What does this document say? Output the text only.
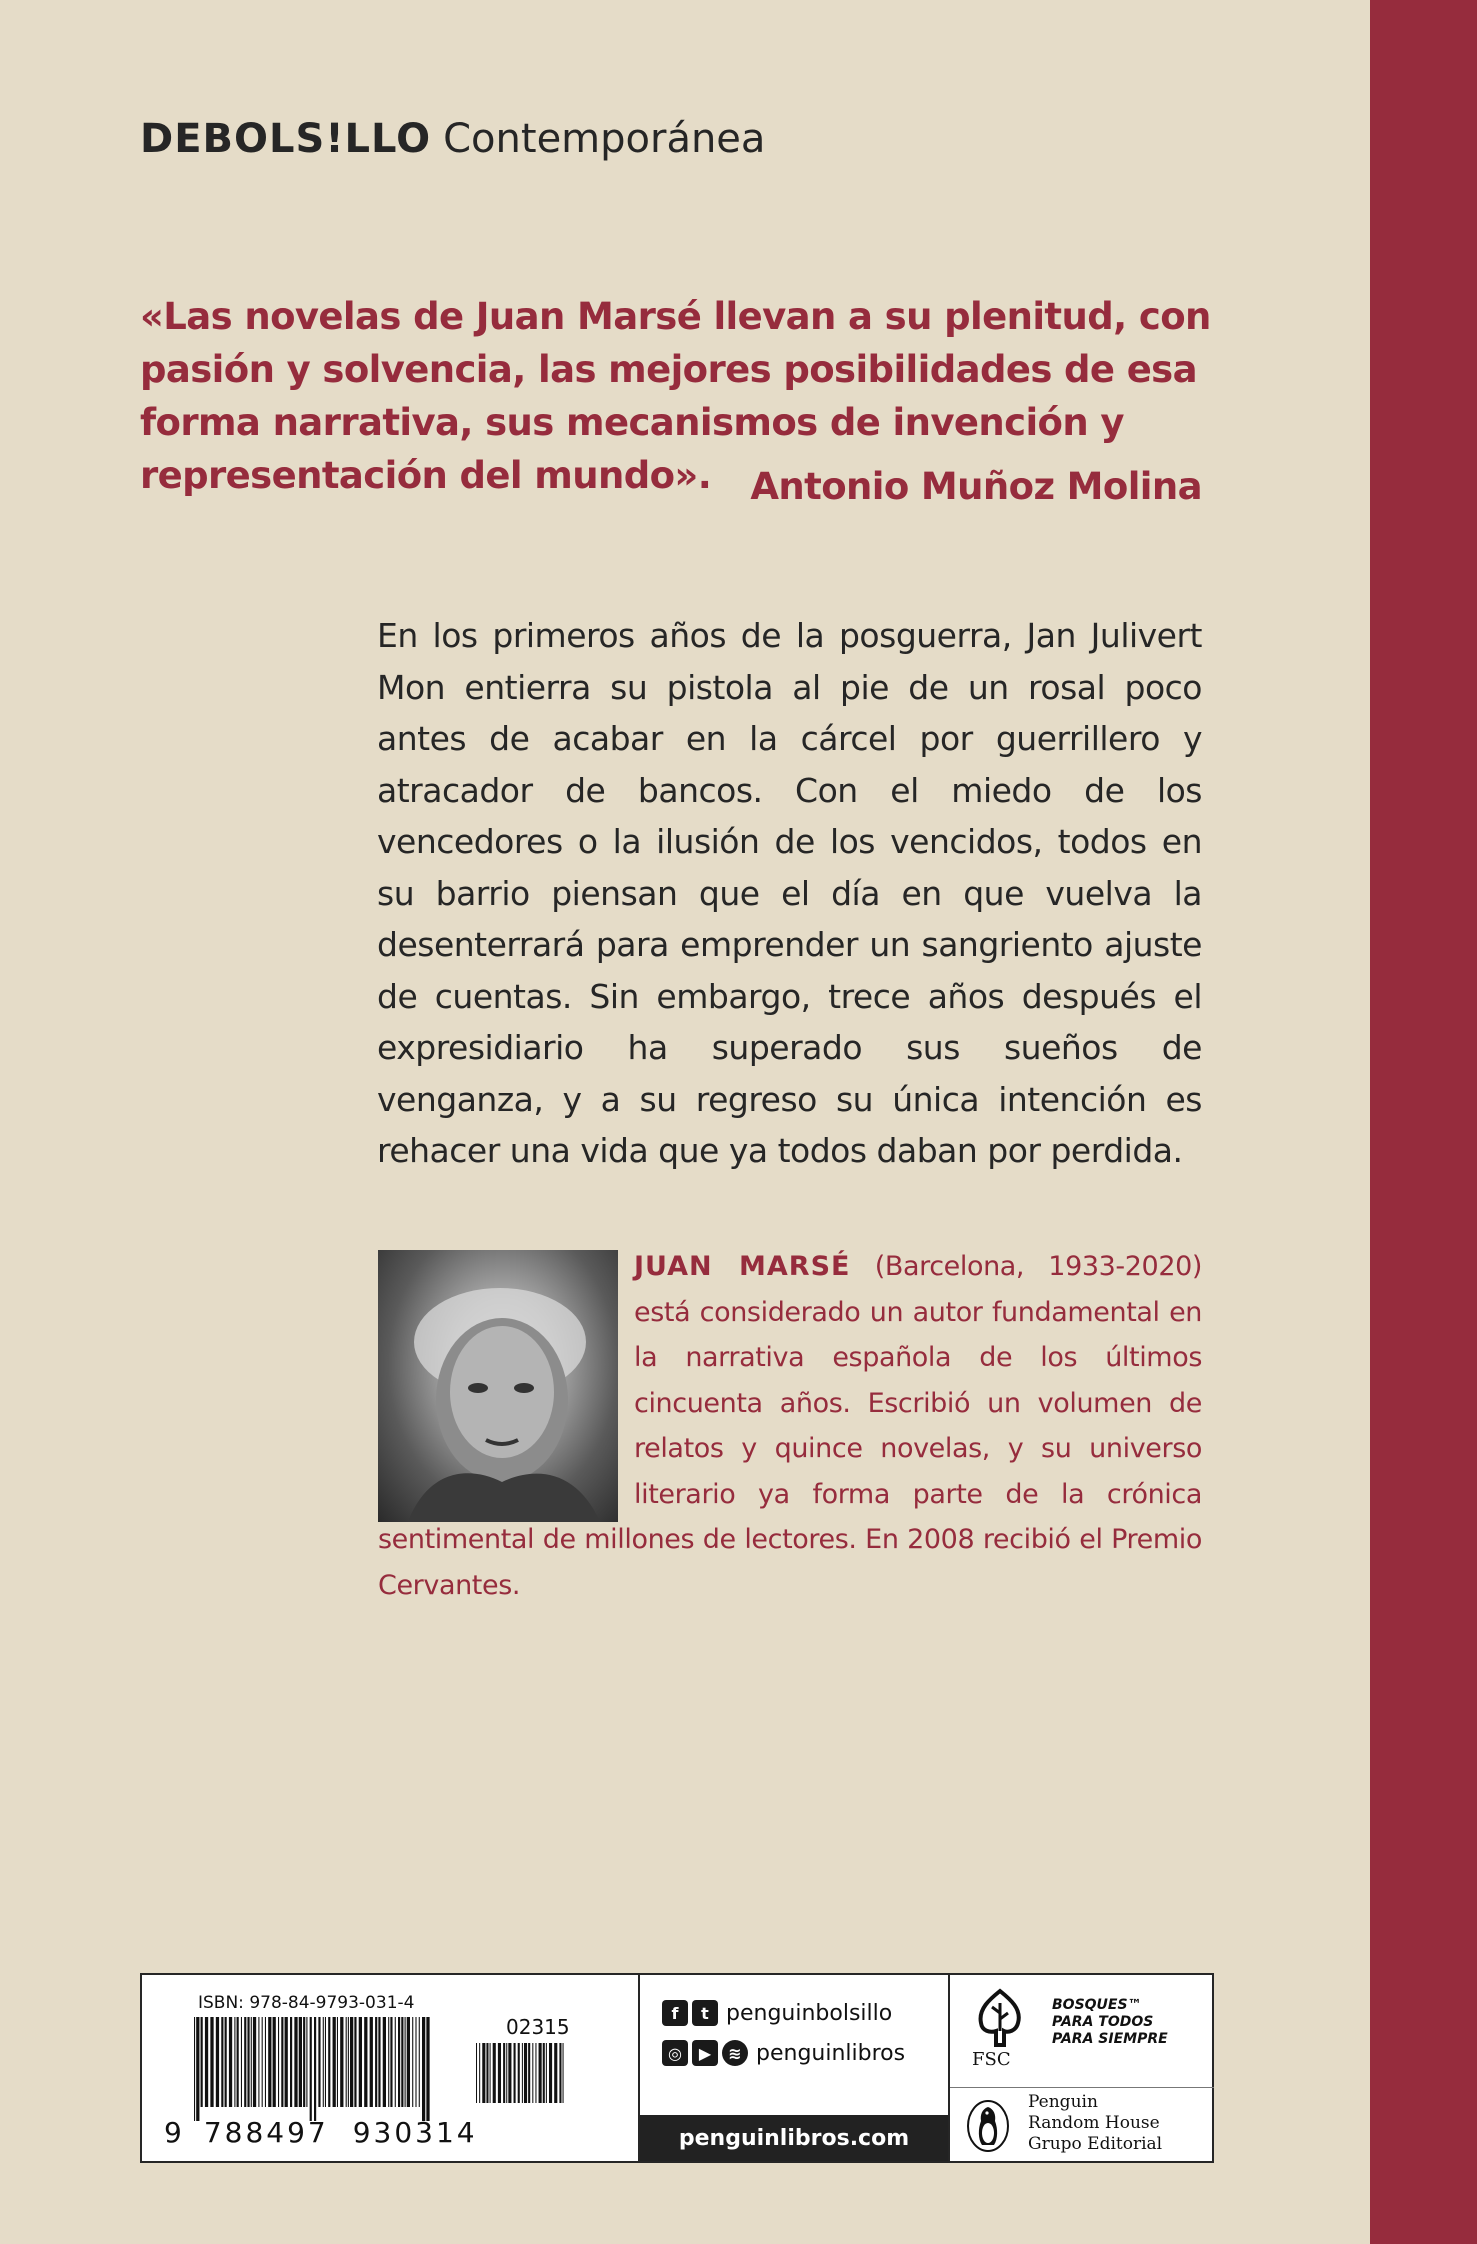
DEBOLS!LLO Contemporánea
«Las novelas de Juan Marsé llevan a su plenitud, con pasión y solvencia, las mejores posibilidades de esa forma narrativa, sus mecanismos de invención y representación del mundo».	Antonio Muñoz Molina
En los primeros años de la posguerra, Jan Julivert Mon entierra su pistola al pie de un rosal poco antes de acabar en la cárcel por guerrillero y atracador de bancos. Con el miedo de los vencedores o la ilusión de los vencidos, todos en su barrio piensan que el día en que vuelva la desenterrará para emprender un sangriento ajuste de cuentas. Sin embargo, trece años después el expresidiario ha superado sus sueños de venganza, y a su regreso su única intención es rehacer una vida que ya todos daban por perdida.
JUAN MARSÉ (Barcelona, 1933-2020) está considerado un autor fundamental en la narrativa española de los últimos cincuenta años. Escribió un volumen de relatos y quince novelas, y su universo literario ya forma parte de la crónica sentimental de millones de lectores. En 2008 recibió el Premio Cervantes.
ISBN: 978-84-9793-031-4
02315
9 788497 930314
f	t penguinbolsillo
◎	▶	≋ penguinlibros
penguinlibros.com
FSC
BOSQUES™
PARA TODOS
PARA SIEMPRE
Penguin
Random House
Grupo Editorial
